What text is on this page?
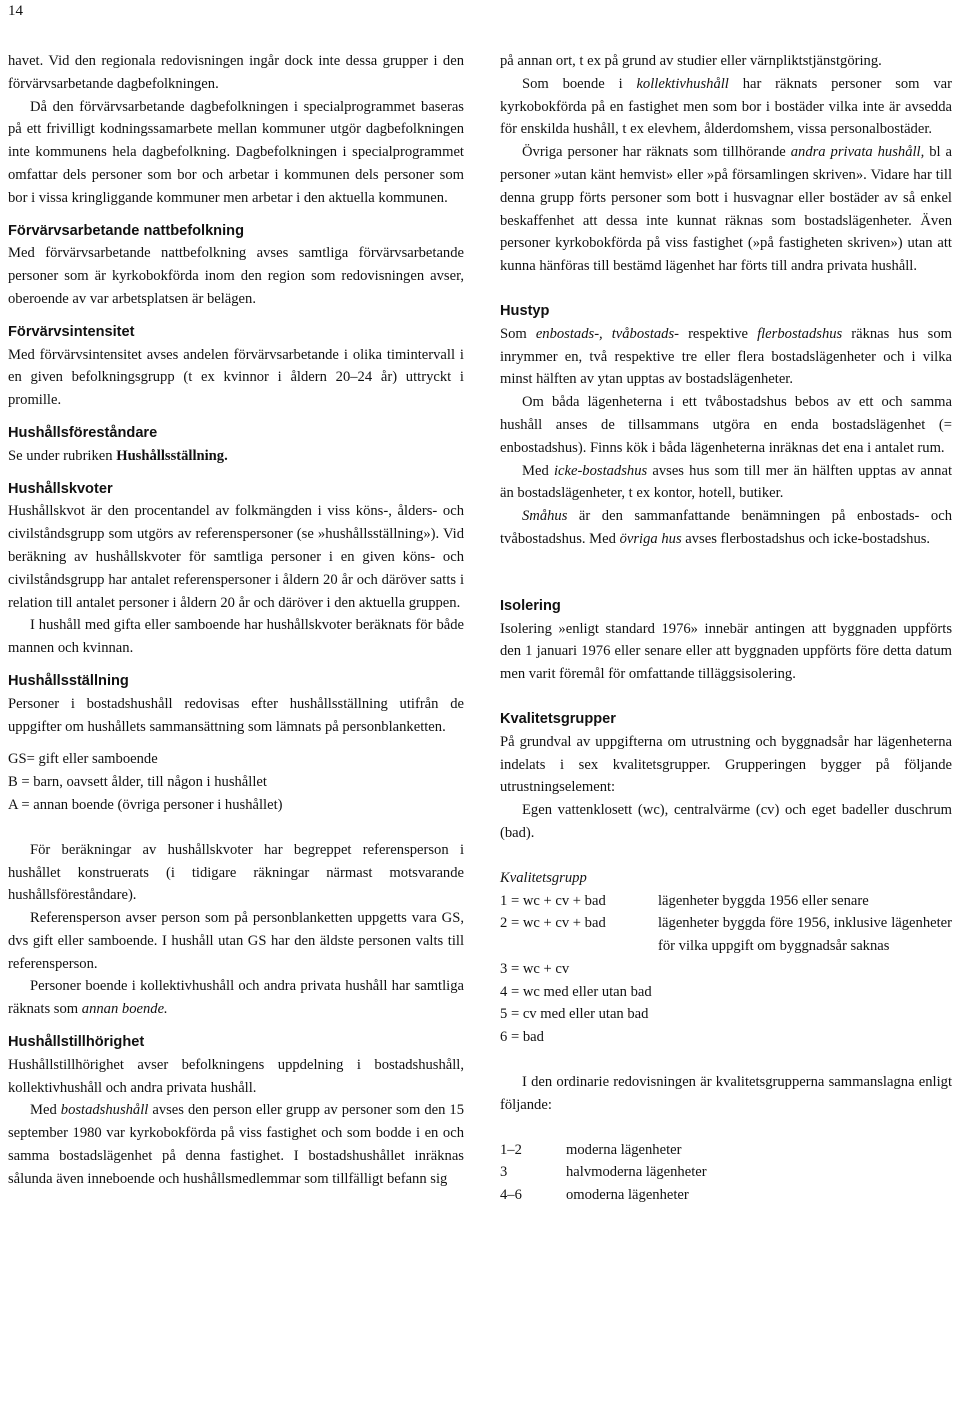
14

havet. Vid den regionala redovisningen ingår dock inte dessa grupper i den förvärvsarbetande dagbefolkningen.

Då den förvärvsarbetande dagbefolkningen i specialprogrammet baseras på ett frivilligt kodningssamarbete mellan kommuner utgör dagbefolkningen inte kommunens hela dagbefolkning. Dagbefolkningen i specialprogrammet omfattar dels personer som bor och arbetar i kommunen dels personer som bor i vissa kringliggande kommuner men arbetar i den aktuella kommunen.

Förvärvsarbetande nattbefolkning

Med förvärvsarbetande nattbefolkning avses samtliga förvärvsarbetande personer som är kyrkobokförda inom den region som redovisningen avser, oberoende av var arbetsplatsen är belägen.

Förvärvsintensitet

Med förvärvsintensitet avses andelen förvärvsarbetande i olika timintervall i en given befolkningsgrupp (t ex kvinnor i åldern 20–24 år) uttryckt i promille.

Hushållsföreståndare

Se under rubriken Hushållsställning.

Hushållskvoter

Hushållskvot är den procentandel av folkmängden i viss köns-, ålders- och civilståndsgrupp som utgörs av referenspersoner (se »hushållsställning»). Vid beräkning av hushållskvoter för samtliga personer i en given köns- och civilståndsgrupp har antalet referenspersoner i åldern 20 år och däröver satts i relation till antalet personer i åldern 20 år och däröver i den aktuella gruppen.

I hushåll med gifta eller samboende har hushållskvoter beräknats för både mannen och kvinnan.

Hushållsställning

Personer i bostadshushåll redovisas efter hushållsställning utifrån de uppgifter om hushållets sammansättning som lämnats på personblanketten.

GS= gift eller samboende
B = barn, oavsett ålder, till någon i hushållet
A = annan boende (övriga personer i hushållet)

För beräkningar av hushållskvoter har begreppet referensperson i hushållet konstruerats (i tidigare räkningar närmast motsvarande hushållsföreståndare).

Referensperson avser person som på personblanketten uppgetts vara GS, dvs gift eller samboende. I hushåll utan GS har den äldste personen valts till referensperson.

Personer boende i kollektivhushåll och andra privata hushåll har samtliga räknats som annan boende.

Hushållstillhörighet

Hushållstillhörighet avser befolkningens uppdelning i bostadshushåll, kollektivhushåll och andra privata hushåll.

Med bostadshushåll avses den person eller grupp av personer som den 15 september 1980 var kyrkobokförda på viss fastighet och som bodde i en och samma bostadslägenhet på denna fastighet. I bostadshushållet inräknas sålunda även inneboende och hushållsmedlemmar som tillfälligt befann sig

på annan ort, t ex på grund av studier eller värnpliktstjänstgöring.

Som boende i kollektivhushåll har räknats personer som var kyrkobokförda på en fastighet men som bor i bostäder vilka inte är avsedda för enskilda hushåll, t ex elevhem, ålderdomshem, vissa personalbostäder.

Övriga personer har räknats som tillhörande andra privata hushåll, bl a personer »utan känt hemvist» eller »på församlingen skriven». Vidare har till denna grupp förts personer som bott i husvagnar eller bostäder av så enkel beskaffenhet att dessa inte kunnat räknas som bostadslägenheter. Även personer kyrkobokförda på viss fastighet (»på fastigheten skriven») utan att kunna hänföras till bestämd lägenhet har förts till andra privata hushåll.

Hustyp

Som enbostads-, tvåbostads- respektive flerbostadshus räknas hus som inrymmer en, två respektive tre eller flera bostadslägenheter och i vilka minst hälften av ytan upptas av bostadslägenheter.

Om båda lägenheterna i ett tvåbostadshus bebos av ett och samma hushåll anses de tillsammans utgöra en enda bostadslägenhet (= enbostadshus). Finns kök i båda lägenheterna inräknas det ena i antalet rum.

Med icke-bostadshus avses hus som till mer än hälften upptas av annat än bostadslägenheter, t ex kontor, hotell, butiker.

Småhus är den sammanfattande benämningen på enbostads- och tvåbostadshus. Med övriga hus avses flerbostadshus och icke-bostadshus.

Isolering

Isolering »enligt standard 1976» innebär antingen att byggnaden uppförts den 1 januari 1976 eller senare eller att byggnaden uppförts före detta datum men varit föremål för omfattande tilläggsisolering.

Kvalitetsgrupper

På grundval av uppgifterna om utrustning och byggnadsår har lägenheterna indelats i sex kvalitetsgrupper. Grupperingen bygger på följande utrustningselement:

Egen vattenklosett (wc), centralvärme (cv) och eget badeller duschrum (bad).

Kvalitetsgrupp

1 = wc + cv + bad	lägenheter byggda 1956 eller senare
2 = wc + cv + bad	lägenheter byggda före 1956, inklusive lägenheter för vilka uppgift om byggnadsår saknas
3 = wc + cv
4 = wc med eller utan bad
5 = cv med eller utan bad
6 = bad

I den ordinarie redovisningen är kvalitetsgrupperna sammanslagna enligt följande:

1–2	moderna lägenheter
3	halvmoderna lägenheter
4–6	omoderna lägenheter
